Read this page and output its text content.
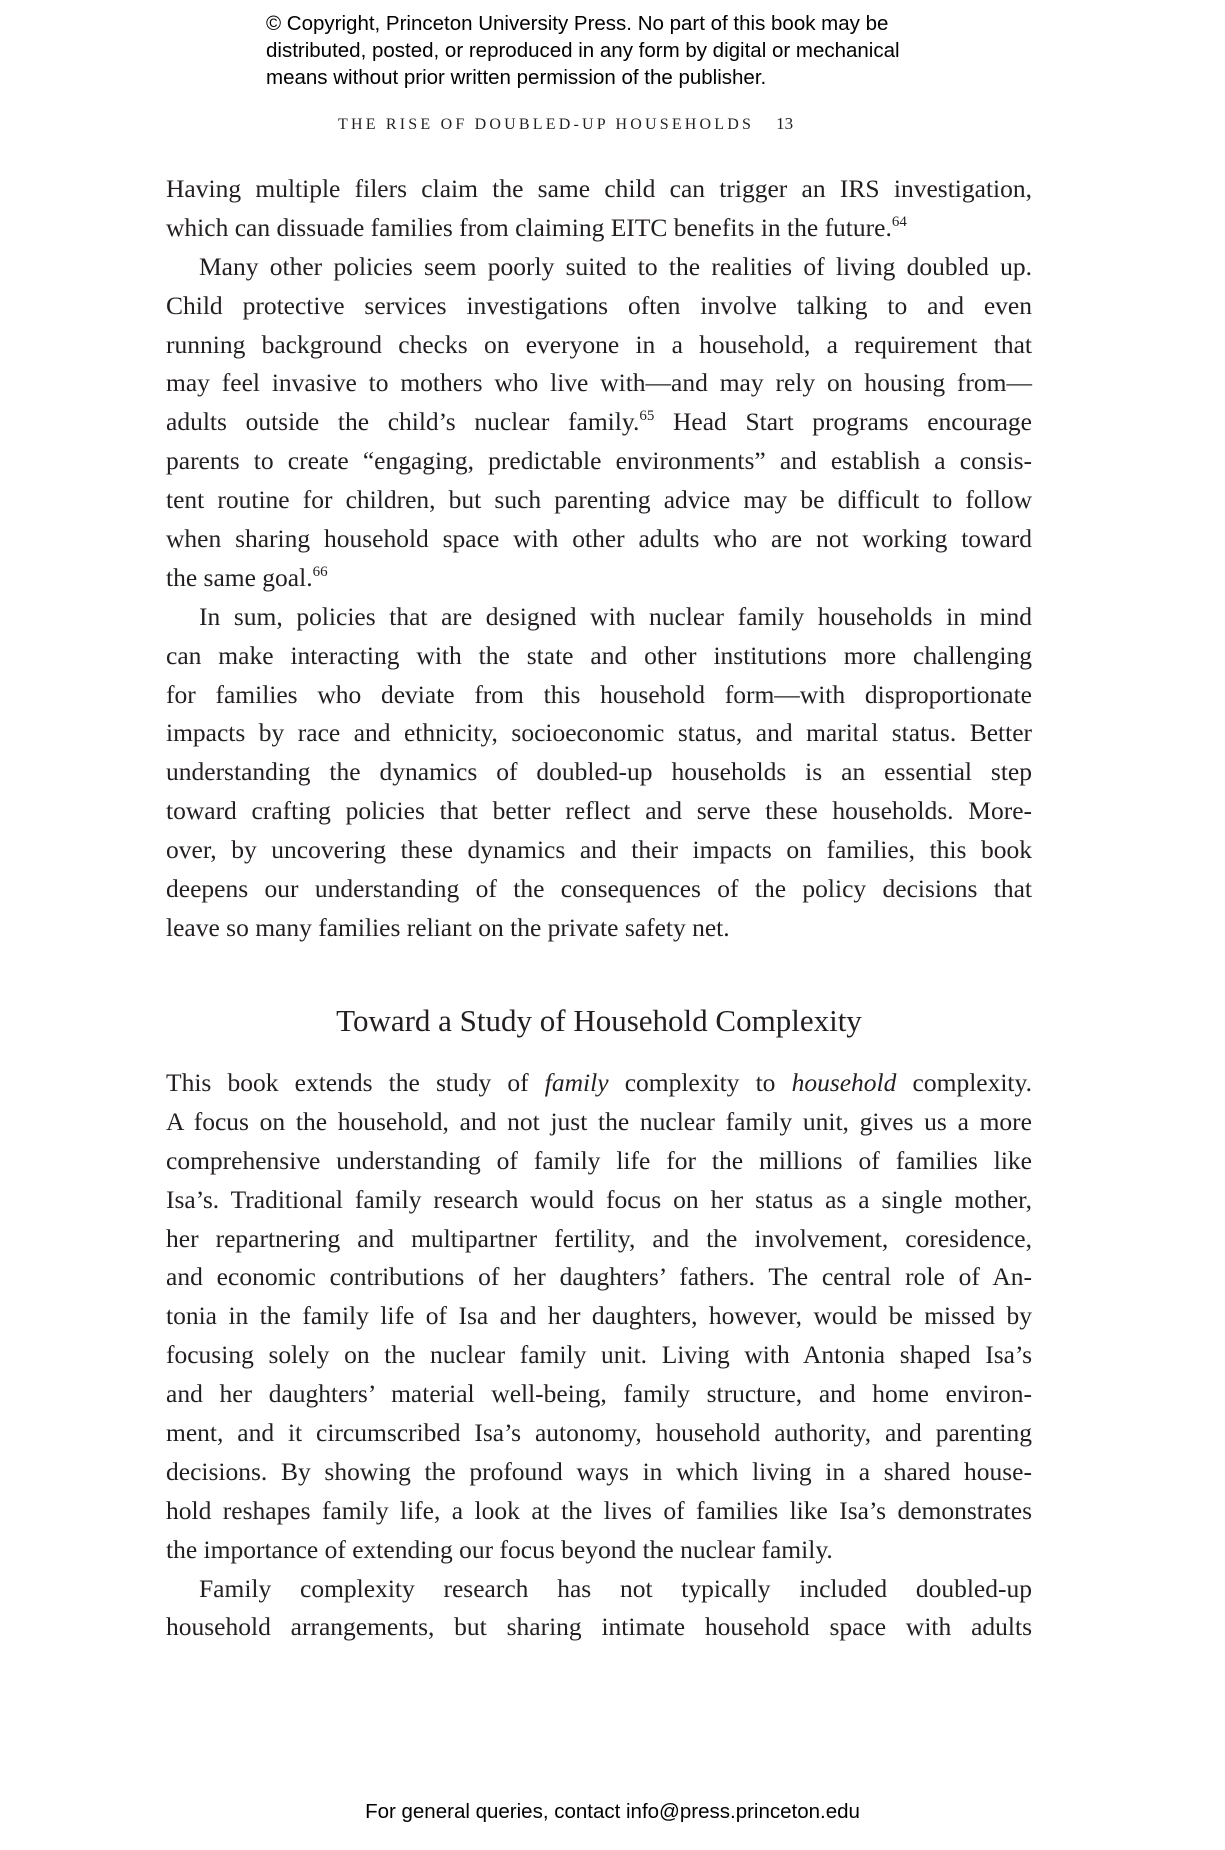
© Copyright, Princeton University Press. No part of this book may be
distributed, posted, or reproduced in any form by digital or mechanical
means without prior written permission of the publisher.
THE RISE OF DOUBLED-UP HOUSEHOLDS 13
Having multiple filers claim the same child can trigger an IRS investigation,
which can dissuade families from claiming EITC benefits in the future.$^{64}$
Many other policies seem poorly suited to the realities of living doubled up.
Child protective services investigations often involve talking to and even
running background checks on everyone in a household, a requirement that
may feel invasive to mothers who live with—and may rely on housing from—
adults outside the child’s nuclear family.$^{65}$ Head Start programs encourage
parents to create “engaging, predictable environments” and establish a consis-
tent routine for children, but such parenting advice may be difficult to follow
when sharing household space with other adults who are not working toward
the same goal.$^{66}$
In sum, policies that are designed with nuclear family households in mind
can make interacting with the state and other institutions more challenging
for families who deviate from this household form—with disproportionate
impacts by race and ethnicity, socioeconomic status, and marital status. Better
understanding the dynamics of doubled-up households is an essential step
toward crafting policies that better reflect and serve these households. More-
over, by uncovering these dynamics and their impacts on families, this book
deepens our understanding of the consequences of the policy decisions that
leave so many families reliant on the private safety net.
Toward a Study of Household Complexity
This book extends the study of family complexity to household complexity.
A focus on the household, and not just the nuclear family unit, gives us a more
comprehensive understanding of family life for the millions of families like
Isa’s. Traditional family research would focus on her status as a single mother,
her repartnering and multipartner fertility, and the involvement, coresidence,
and economic contributions of her daughters’ fathers. The central role of An-
tonia in the family life of Isa and her daughters, however, would be missed by
focusing solely on the nuclear family unit. Living with Antonia shaped Isa’s
and her daughters’ material well-being, family structure, and home environ-
ment, and it circumscribed Isa’s autonomy, household authority, and parenting
decisions. By showing the profound ways in which living in a shared house-
hold reshapes family life, a look at the lives of families like Isa’s demonstrates
the importance of extending our focus beyond the nuclear family.
Family complexity research has not typically included doubled-up
household arrangements, but sharing intimate household space with adults
For general queries, contact info@press.princeton.edu
